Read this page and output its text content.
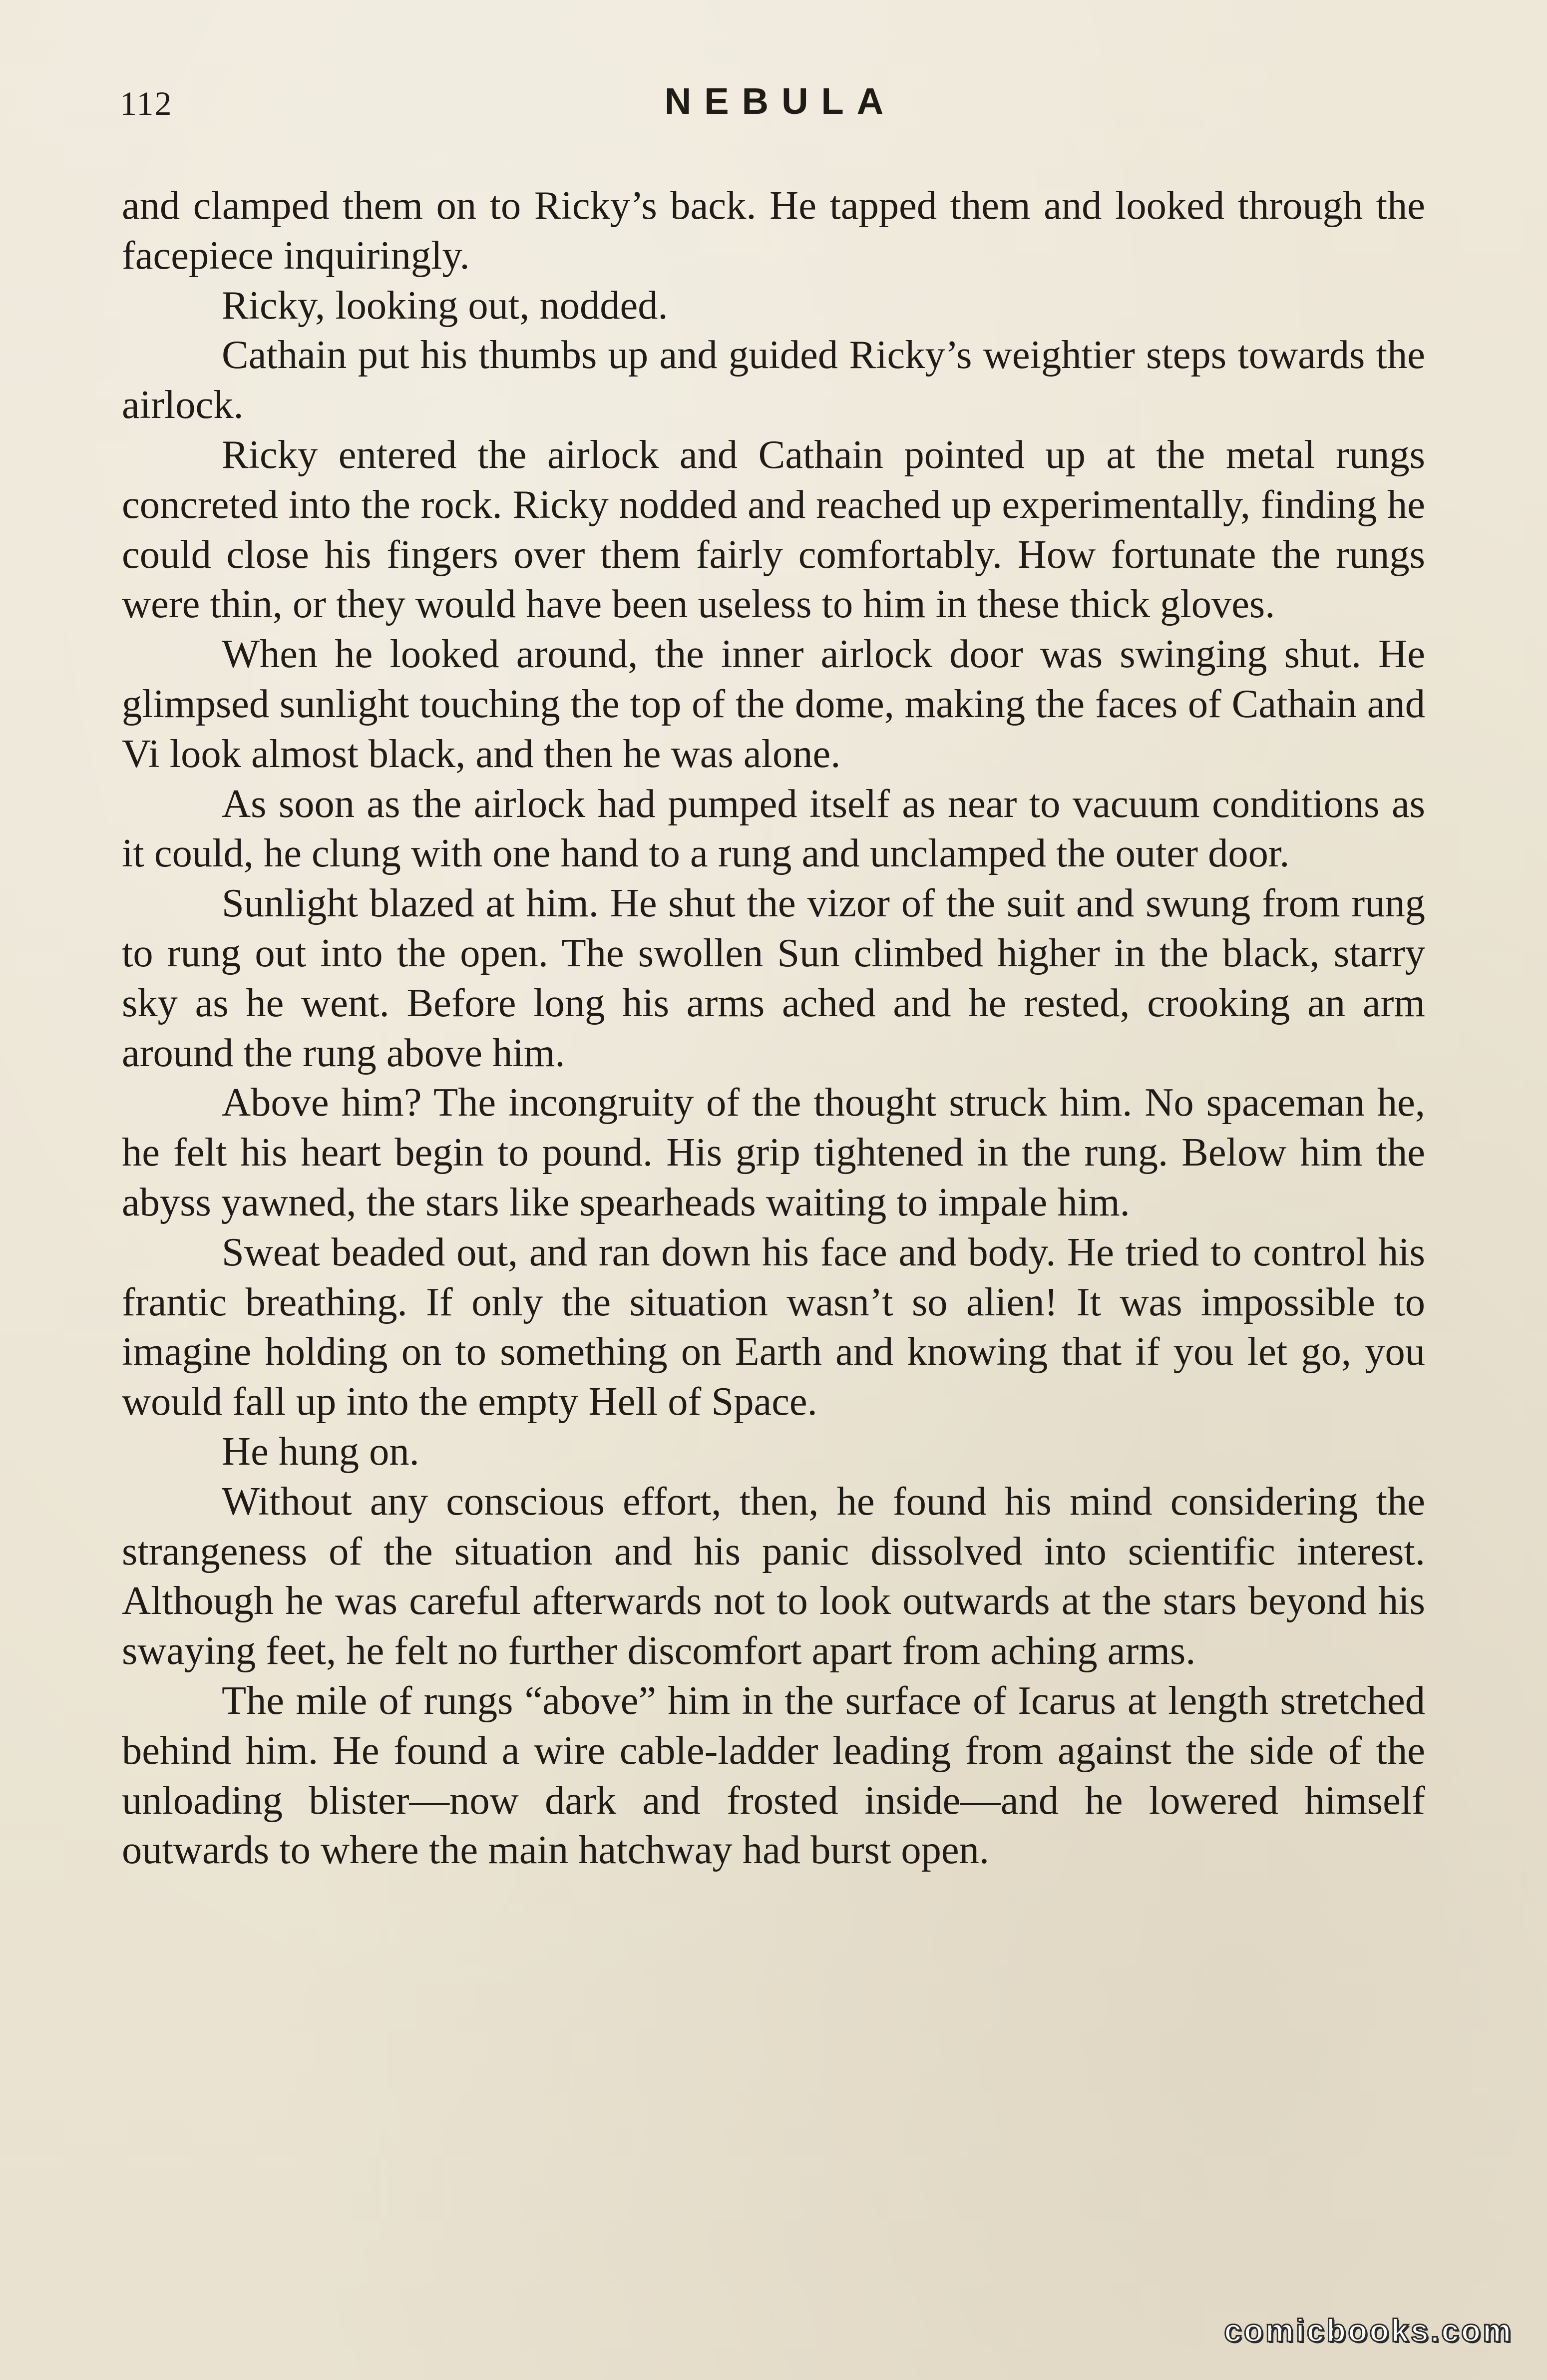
112	NEBULA

and clamped them on to Ricky’s back. He tapped them and looked through the facepiece inquiringly.

Ricky, looking out, nodded.

Cathain put his thumbs up and guided Ricky’s weightier steps towards the airlock.

Ricky entered the airlock and Cathain pointed up at the metal rungs concreted into the rock. Ricky nodded and reached up experimentally, finding he could close his fingers over them fairly comfortably. How fortunate the rungs were thin, or they would have been useless to him in these thick gloves.

When he looked around, the inner airlock door was swinging shut. He glimpsed sunlight touching the top of the dome, making the faces of Cathain and Vi look almost black, and then he was alone.

As soon as the airlock had pumped itself as near to vacuum conditions as it could, he clung with one hand to a rung and unclamped the outer door.

Sunlight blazed at him. He shut the vizor of the suit and swung from rung to rung out into the open. The swollen Sun climbed higher in the black, starry sky as he went. Before long his arms ached and he rested, crooking an arm around the rung above him.

Above him? The incongruity of the thought struck him. No spaceman he, he felt his heart begin to pound. His grip tightened in the rung. Below him the abyss yawned, the stars like spearheads waiting to impale him.

Sweat beaded out, and ran down his face and body. He tried to control his frantic breathing. If only the situation wasn’t so alien! It was impossible to imagine holding on to something on Earth and knowing that if you let go, you would fall up into the empty Hell of Space.

He hung on.

Without any conscious effort, then, he found his mind considering the strangeness of the situation and his panic dissolved into scientific interest. Although he was careful afterwards not to look outwards at the stars beyond his swaying feet, he felt no further discomfort apart from aching arms.

The mile of rungs “above” him in the surface of Icarus at length stretched behind him. He found a wire cable-ladder leading from against the side of the unloading blister—now dark and frosted inside—and he lowered himself outwards to where the main hatchway had burst open.

comicbooks.com
